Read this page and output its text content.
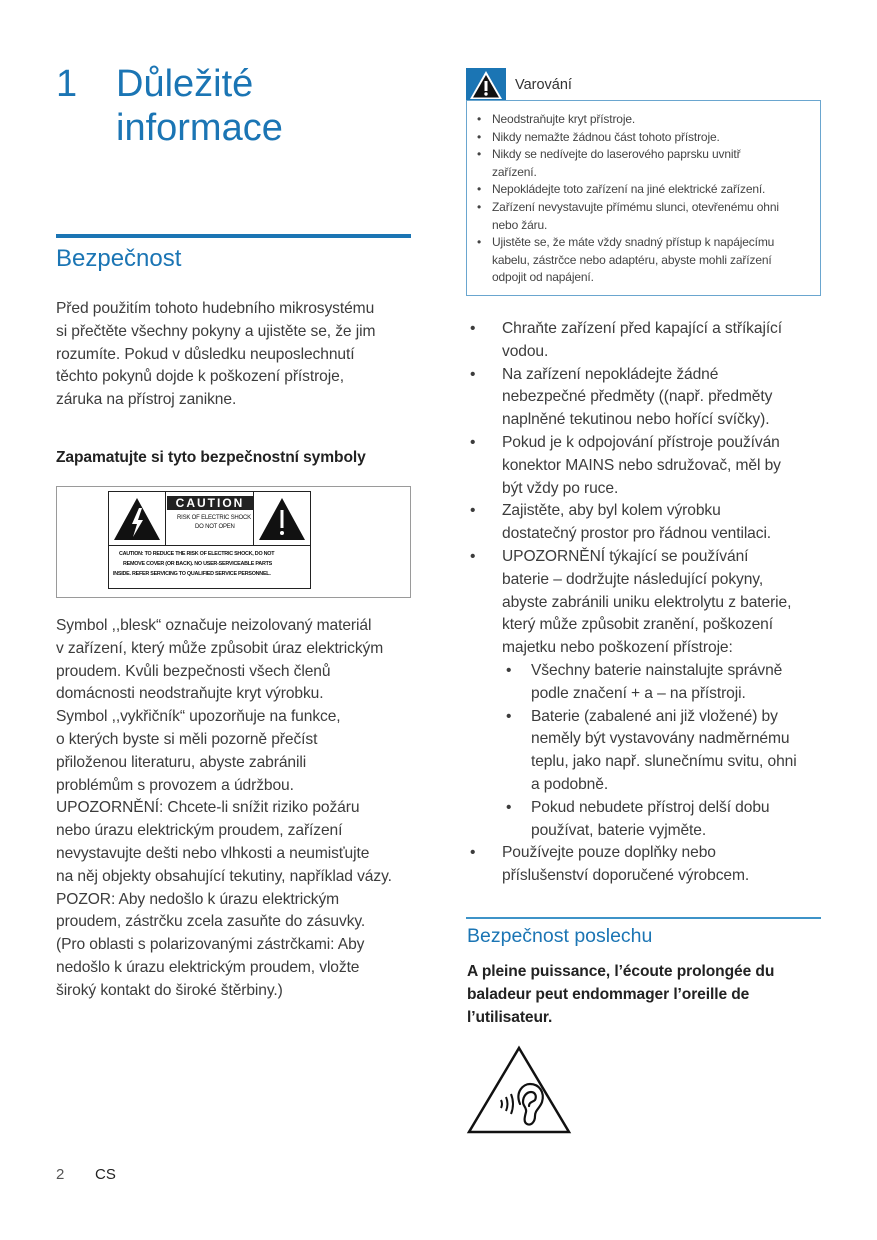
1 Důležité
informace
Bezpečnost
Před použitím tohoto hudebního mikrosystému
si přečtěte všechny pokyny a ujistěte se, že jim
rozumíte. Pokud v důsledku neuposlechnutí
těchto pokynů dojde k poškození přístroje,
záruka na přístroj zanikne.
Zapamatujte si tyto bezpečnostní symboly
CAUTION
RISK OF ELECTRIC SHOCK
DO NOT OPEN
CAUTION: TO REDUCE THE RISK OF ELECTRIC SHOCK, DO NOT
REMOVE COVER (OR BACK). NO USER-SERVICEABLE PARTS
INSIDE. REFER SERVICING TO QUALIFIED SERVICE PERSONNEL.
Symbol ,,blesk“ označuje neizolovaný materiál
v zařízení, který může způsobit úraz elektrickým
proudem. Kvůli bezpečnosti všech členů
domácnosti neodstraňujte kryt výrobku.
Symbol ,,vykřičník“ upozorňuje na funkce,
o kterých byste si měli pozorně přečíst
přiloženou literaturu, abyste zabránili
problémům s provozem a údržbou.
UPOZORNĚNÍ: Chcete-li snížit riziko požáru
nebo úrazu elektrickým proudem, zařízení
nevystavujte dešti nebo vlhkosti a neumisťujte
na něj objekty obsahující tekutiny, například vázy.
POZOR: Aby nedošlo k úrazu elektrickým
proudem, zástrčku zcela zasuňte do zásuvky.
(Pro oblasti s polarizovanými zástrčkami: Aby
nedošlo k úrazu elektrickým proudem, vložte
široký kontakt do široké štěrbiny.)
Varování
• Neodstraňujte kryt přístroje.
• Nikdy nemažte žádnou část tohoto přístroje.
• Nikdy se nedívejte do laserového paprsku uvnitř
zařízení.
• Nepokládejte toto zařízení na jiné elektrické zařízení.
• Zařízení nevystavujte přímému slunci, otevřenému ohni
nebo žáru.
• Ujistěte se, že máte vždy snadný přístup k napájecímu
kabelu, zástrčce nebo adaptéru, abyste mohli zařízení
odpojit od napájení.
• Chraňte zařízení před kapající a stříkající
vodou.
• Na zařízení nepokládejte žádné
nebezpečné předměty ((např. předměty
naplněné tekutinou nebo hořící svíčky).
• Pokud je k odpojování přístroje používán
konektor MAINS nebo sdružovač, měl by
být vždy po ruce.
• Zajistěte, aby byl kolem výrobku
dostatečný prostor pro řádnou ventilaci.
• UPOZORNĚNÍ týkající se používání
baterie – dodržujte následující pokyny,
abyste zabránili uniku elektrolytu z baterie,
který může způsobit zranění, poškození
majetku nebo poškození přístroje:
• Všechny baterie nainstalujte správně
podle značení + a – na přístroji.
• Baterie (zabalené ani již vložené) by
neměly být vystavovány nadměrnému
teplu, jako např. slunečnímu svitu, ohni
a podobně.
• Pokud nebudete přístroj delší dobu
používat, baterie vyjměte.
• Používejte pouze doplňky nebo
příslušenství doporučené výrobcem.
Bezpečnost poslechu
A pleine puissance, l’écoute prolongée du
baladeur peut endommager l’oreille de
l’utilisateur.
2 CS
